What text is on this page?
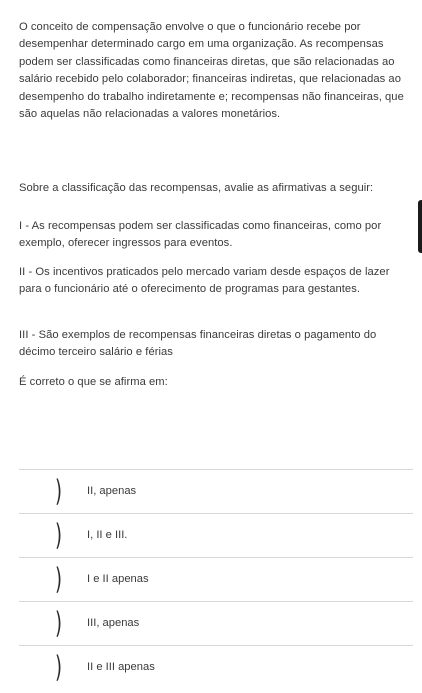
O conceito de compensação envolve o que o funcionário recebe por desempenhar determinado cargo em uma organização. As recompensas podem ser classificadas como financeiras diretas, que são relacionadas ao salário recebido pelo colaborador; financeiras indiretas, que relacionadas ao desempenho do trabalho indiretamente e; recompensas não financeiras, que são aquelas não relacionadas a valores monetários.

Sobre a classificação das recompensas, avalie as afirmativas a seguir:

I - As recompensas podem ser classificadas como financeiras, como por exemplo, oferecer ingressos para eventos.

II - Os incentivos praticados pelo mercado variam desde espaços de lazer para o funcionário até o oferecimento de programas para gestantes.

III - São exemplos de recompensas financeiras diretas o pagamento do décimo terceiro salário e férias

É correto o que se afirma em:

) II, apenas
) I, II e III.
) I e II apenas
) III, apenas
) II e III apenas
